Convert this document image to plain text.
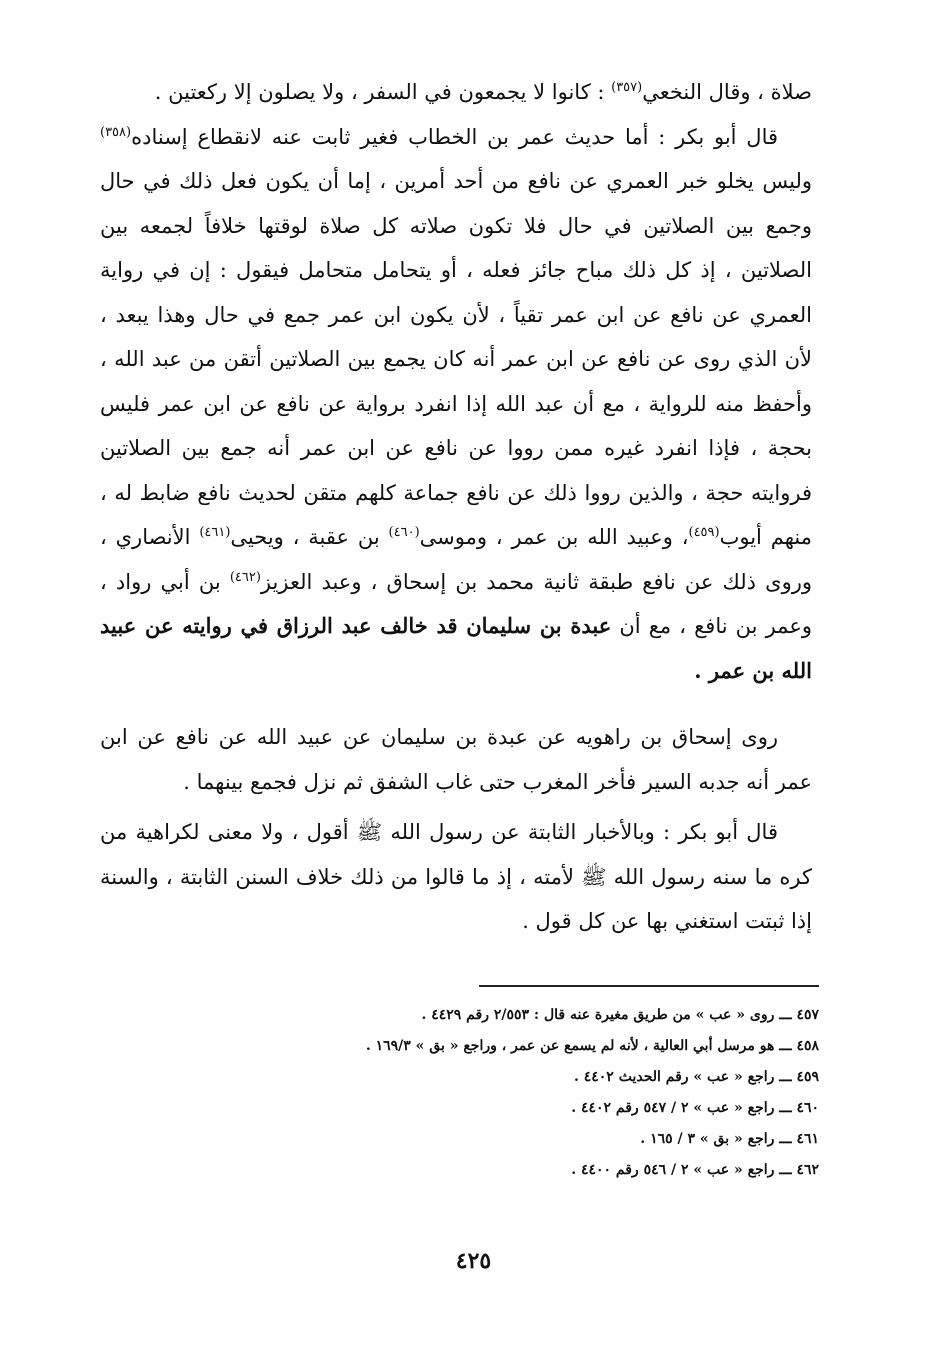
صلاة ، وقال النخعي$^{(٣٥٧)}$ : كانوا لا يجمعون في السفر ، ولا يصلون إلا ركعتين .

قال أبو بكر : أما حديث عمر بن الخطاب فغير ثابت عنه لانقطاع إسناده$^{(٣٥٨)}$ وليس يخلو خبر العمري عن نافع من أحد أمرين ، إما أن يكون فعل ذلك في حال وجمع بين الصلاتين في حال فلا تكون صلاته كل صلاة لوقتها خلافاً لجمعه بين الصلاتين ، إذ كل ذلك مباح جائز فعله ، أو يتحامل متحامل فيقول : إن في رواية العمري عن نافع عن ابن عمر تقياً ، لأن يكون ابن عمر جمع في حال وهذا يبعد ، لأن الذي روى عن نافع عن ابن عمر أنه كان يجمع بين الصلاتين أتقن من عبد الله ، وأحفظ منه للرواية ، مع أن عبد الله إذا انفرد برواية عن نافع عن ابن عمر فليس بحجة ، فإذا انفرد غيره ممن رووا عن نافع عن ابن عمر أنه جمع بين الصلاتين فروايته حجة ، والذين رووا ذلك عن نافع جماعة كلهم متقن لحديث نافع ضابط له ، منهم أيوب$^{(٤٥٩)}$، وعبيد الله بن عمر ، وموسى$^{(٤٦٠)}$ بن عقبة ، ويحيى$^{(٤٦١)}$ الأنصاري ، وروى ذلك عن نافع طبقة ثانية محمد بن إسحاق ، وعبد العزيز$^{(٤٦٢)}$ بن أبي رواد ، وعمر بن نافع ، مع أن عبدة بن سليمان قد خالف عبد الرزاق في روايته عن عبيد الله بن عمر .

روى إسحاق بن راهويه عن عبدة بن سليمان عن عبيد الله عن نافع عن ابن عمر أنه جدبه السير فأخر المغرب حتى غاب الشفق ثم نزل فجمع بينهما .

قال أبو بكر : وبالأخبار الثابتة عن رسول الله ﷺ أقول ، ولا معنى لكراهية من كره ما سنه رسول الله ﷺ لأمته ، إذ ما قالوا من ذلك خلاف السنن الثابتة ، والسنة إذا ثبتت استغني بها عن كل قول .

٤٥٧ ـــ روى « عب » من طريق مغيرة عنه قال : ٢/٥٥٣ رقم ٤٤٢٩ .

٤٥٨ ـــ هو مرسل أبي العالية ، لأنه لم يسمع عن عمر ، وراجع « بق » ١٦٩/٣ .

٤٥٩ ـــ راجع « عب » رقم الحديث ٤٤٠٢ .

٤٦٠ ـــ راجع « عب » ٢ / ٥٤٧ رقم ٤٤٠٢ .

٤٦١ ـــ راجع « بق » ٣ / ١٦٥ .

٤٦٢ ـــ راجع « عب » ٢ / ٥٤٦ رقم ٤٤٠٠ .

٤٢٥
